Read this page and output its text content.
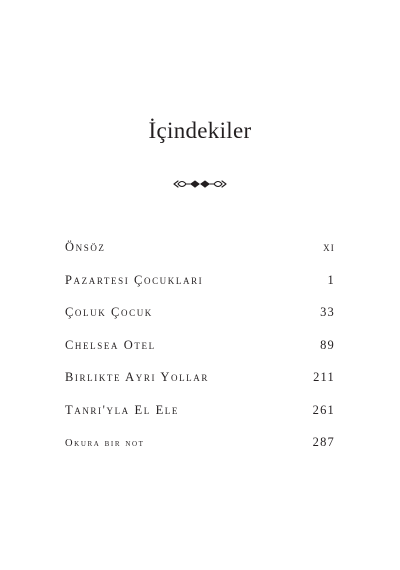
İçindekiler
Önsöz	xi
Pazartesi Çocukları	1
Çoluk Çocuk	33
Chelsea Otel	89
Birlikte Ayrı Yollar	211
Tanrı'yla El Ele	261
Okura bir not	287
